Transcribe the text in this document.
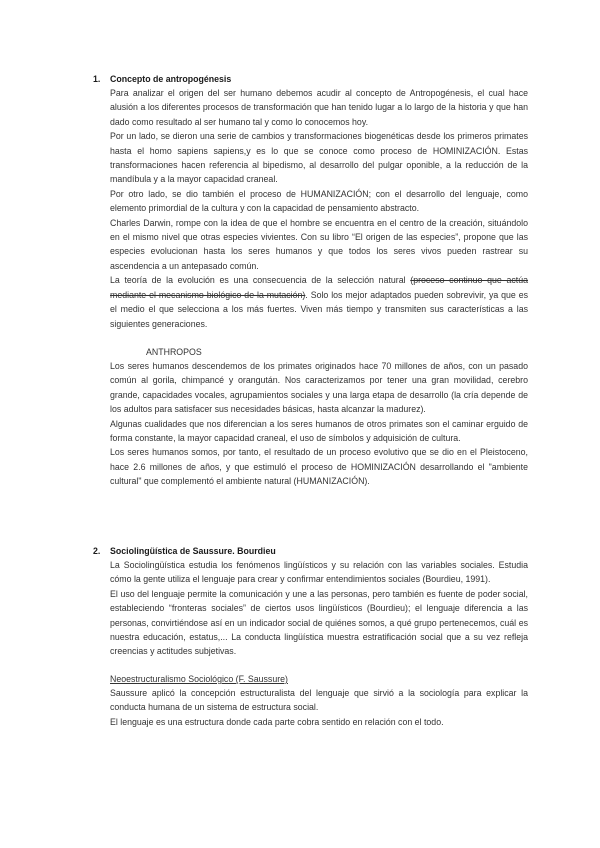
1. Concepto de antropogénesis

Para analizar el origen del ser humano debemos acudir al concepto de Antropogénesis, el cual hace alusión a los diferentes procesos de transformación que han tenido lugar a lo largo de la historia y que han dado como resultado al ser humano tal y como lo conocemos hoy.

Por un lado, se dieron una serie de cambios y transformaciones biogenéticas desde los primeros primates hasta el homo sapiens sapiens,y es lo que se conoce como proceso de HOMINIZACIÓN. Estas transformaciones hacen referencia al bipedismo, al desarrollo del pulgar oponible, a la reducción de la mandíbula y a la mayor capacidad craneal.

Por otro lado, se dio también el proceso de HUMANIZACIÓN; con el desarrollo del lenguaje, como elemento primordial de la cultura y con la capacidad de pensamiento abstracto.

Charles Darwin, rompe con la idea de que el hombre se encuentra en el centro de la creación, situándolo en el mismo nivel que otras especies vivientes. Con su libro “El origen de las especies”, propone que las especies evolucionan hasta los seres humanos y que todos los seres vivos pueden rastrear su ascendencia a un antepasado común.

La teoría de la evolución es una consecuencia de la selección natural (proceso continuo que actúa mediante el mecanismo biológico de la mutación). Solo los mejor adaptados pueden sobrevivir, ya que es el medio el que selecciona a los más fuertes. Viven más tiempo y transmiten sus características a las siguientes generaciones.

ANTHROPOS

Los seres humanos descendemos de los primates originados hace 70 millones de años, con un pasado común al gorila, chimpancé y orangután. Nos caracterizamos por tener una gran movilidad, cerebro grande, capacidades vocales, agrupamientos sociales y una larga etapa de desarrollo (la cría depende de los adultos para satisfacer sus necesidades básicas, hasta alcanzar la madurez).

Algunas cualidades que nos diferencian a los seres humanos de otros primates son el caminar erguido de forma constante, la mayor capacidad craneal, el uso de símbolos y adquisición de cultura.

Los seres humanos somos, por tanto, el resultado de un proceso evolutivo que se dio en el Pleistoceno, hace 2.6 millones de años, y que estimuló el proceso de HOMINIZACIÓN desarrollando el "ambiente cultural" que complementó el ambiente natural (HUMANIZACIÓN).

2. Sociolingüística de Saussure. Bourdieu

La Sociolingüística estudia los fenómenos lingüísticos y su relación con las variables sociales. Estudia cómo la gente utiliza el lenguaje para crear y confirmar entendimientos sociales (Bourdieu, 1991).

El uso del lenguaje permite la comunicación y une a las personas, pero también es fuente de poder social, estableciendo “fronteras sociales” de ciertos usos lingüísticos (Bourdieu); el lenguaje diferencia a las personas, convirtiéndose así en un indicador social de quiénes somos, a qué grupo pertenecemos, cuál es nuestra educación, estatus,... La conducta lingüística muestra estratificación social que a su vez refleja creencias y actitudes subjetivas.

Neoestructuralismo Sociológico (F. Saussure)

Saussure aplicó la concepción estructuralista del lenguaje que sirvió a la sociología para explicar la conducta humana de un sistema de estructura social.

El lenguaje es una estructura donde cada parte cobra sentido en relación con el todo.
